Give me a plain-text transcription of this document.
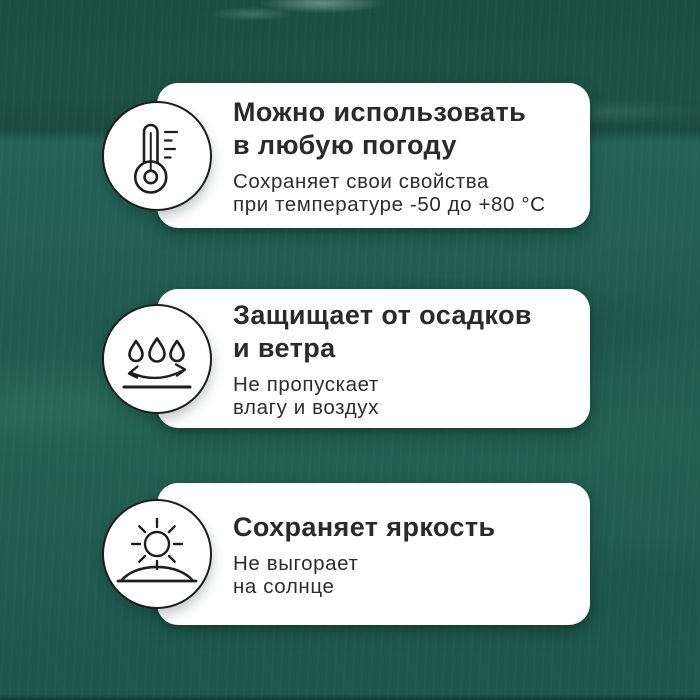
Можно использовать
в любую погоду
Сохраняет свои свойства
при температуре -50 до +80 °C
Защищает от осадков
и ветра
Не пропускает
влагу и воздух
Сохраняет яркость
Не выгорает
на солнце
